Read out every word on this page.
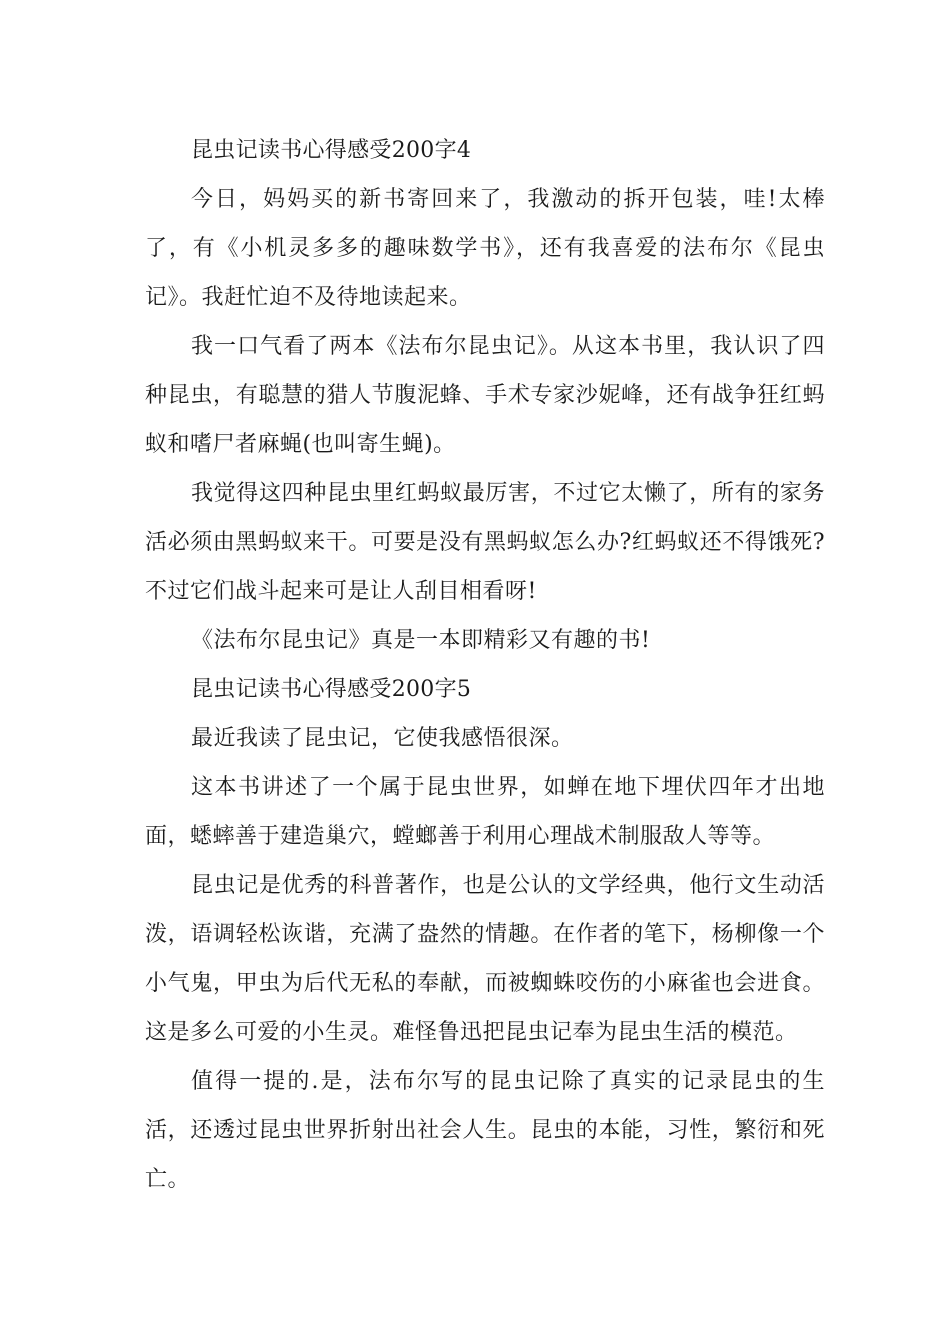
昆虫记读书心得感受200字4

今日，妈妈买的新书寄回来了，我激动的拆开包装，哇!太棒了，有《小机灵多多的趣味数学书》，还有我喜爱的法布尔《昆虫记》。我赶忙迫不及待地读起来。

我一口气看了两本《法布尔昆虫记》。从这本书里，我认识了四种昆虫，有聪慧的猎人节腹泥蜂、手术专家沙妮峰，还有战争狂红蚂蚁和嗜尸者麻蝇(也叫寄生蝇)。

我觉得这四种昆虫里红蚂蚁最厉害，不过它太懒了，所有的家务活必须由黑蚂蚁来干。可要是没有黑蚂蚁怎么办?红蚂蚁还不得饿死?不过它们战斗起来可是让人刮目相看呀!

《法布尔昆虫记》真是一本即精彩又有趣的书!

昆虫记读书心得感受200字5

最近我读了昆虫记，它使我感悟很深。

这本书讲述了一个属于昆虫世界，如蝉在地下埋伏四年才出地面，蟋蟀善于建造巢穴，螳螂善于利用心理战术制服敌人等等。

昆虫记是优秀的科普著作，也是公认的文学经典，他行文生动活泼，语调轻松诙谐，充满了盎然的情趣。在作者的笔下，杨柳像一个小气鬼，甲虫为后代无私的奉献，而被蜘蛛咬伤的小麻雀也会进食。这是多么可爱的小生灵。难怪鲁迅把昆虫记奉为昆虫生活的模范。

值得一提的.是，法布尔写的昆虫记除了真实的记录昆虫的生活，还透过昆虫世界折射出社会人生。昆虫的本能，习性，繁衍和死亡。
